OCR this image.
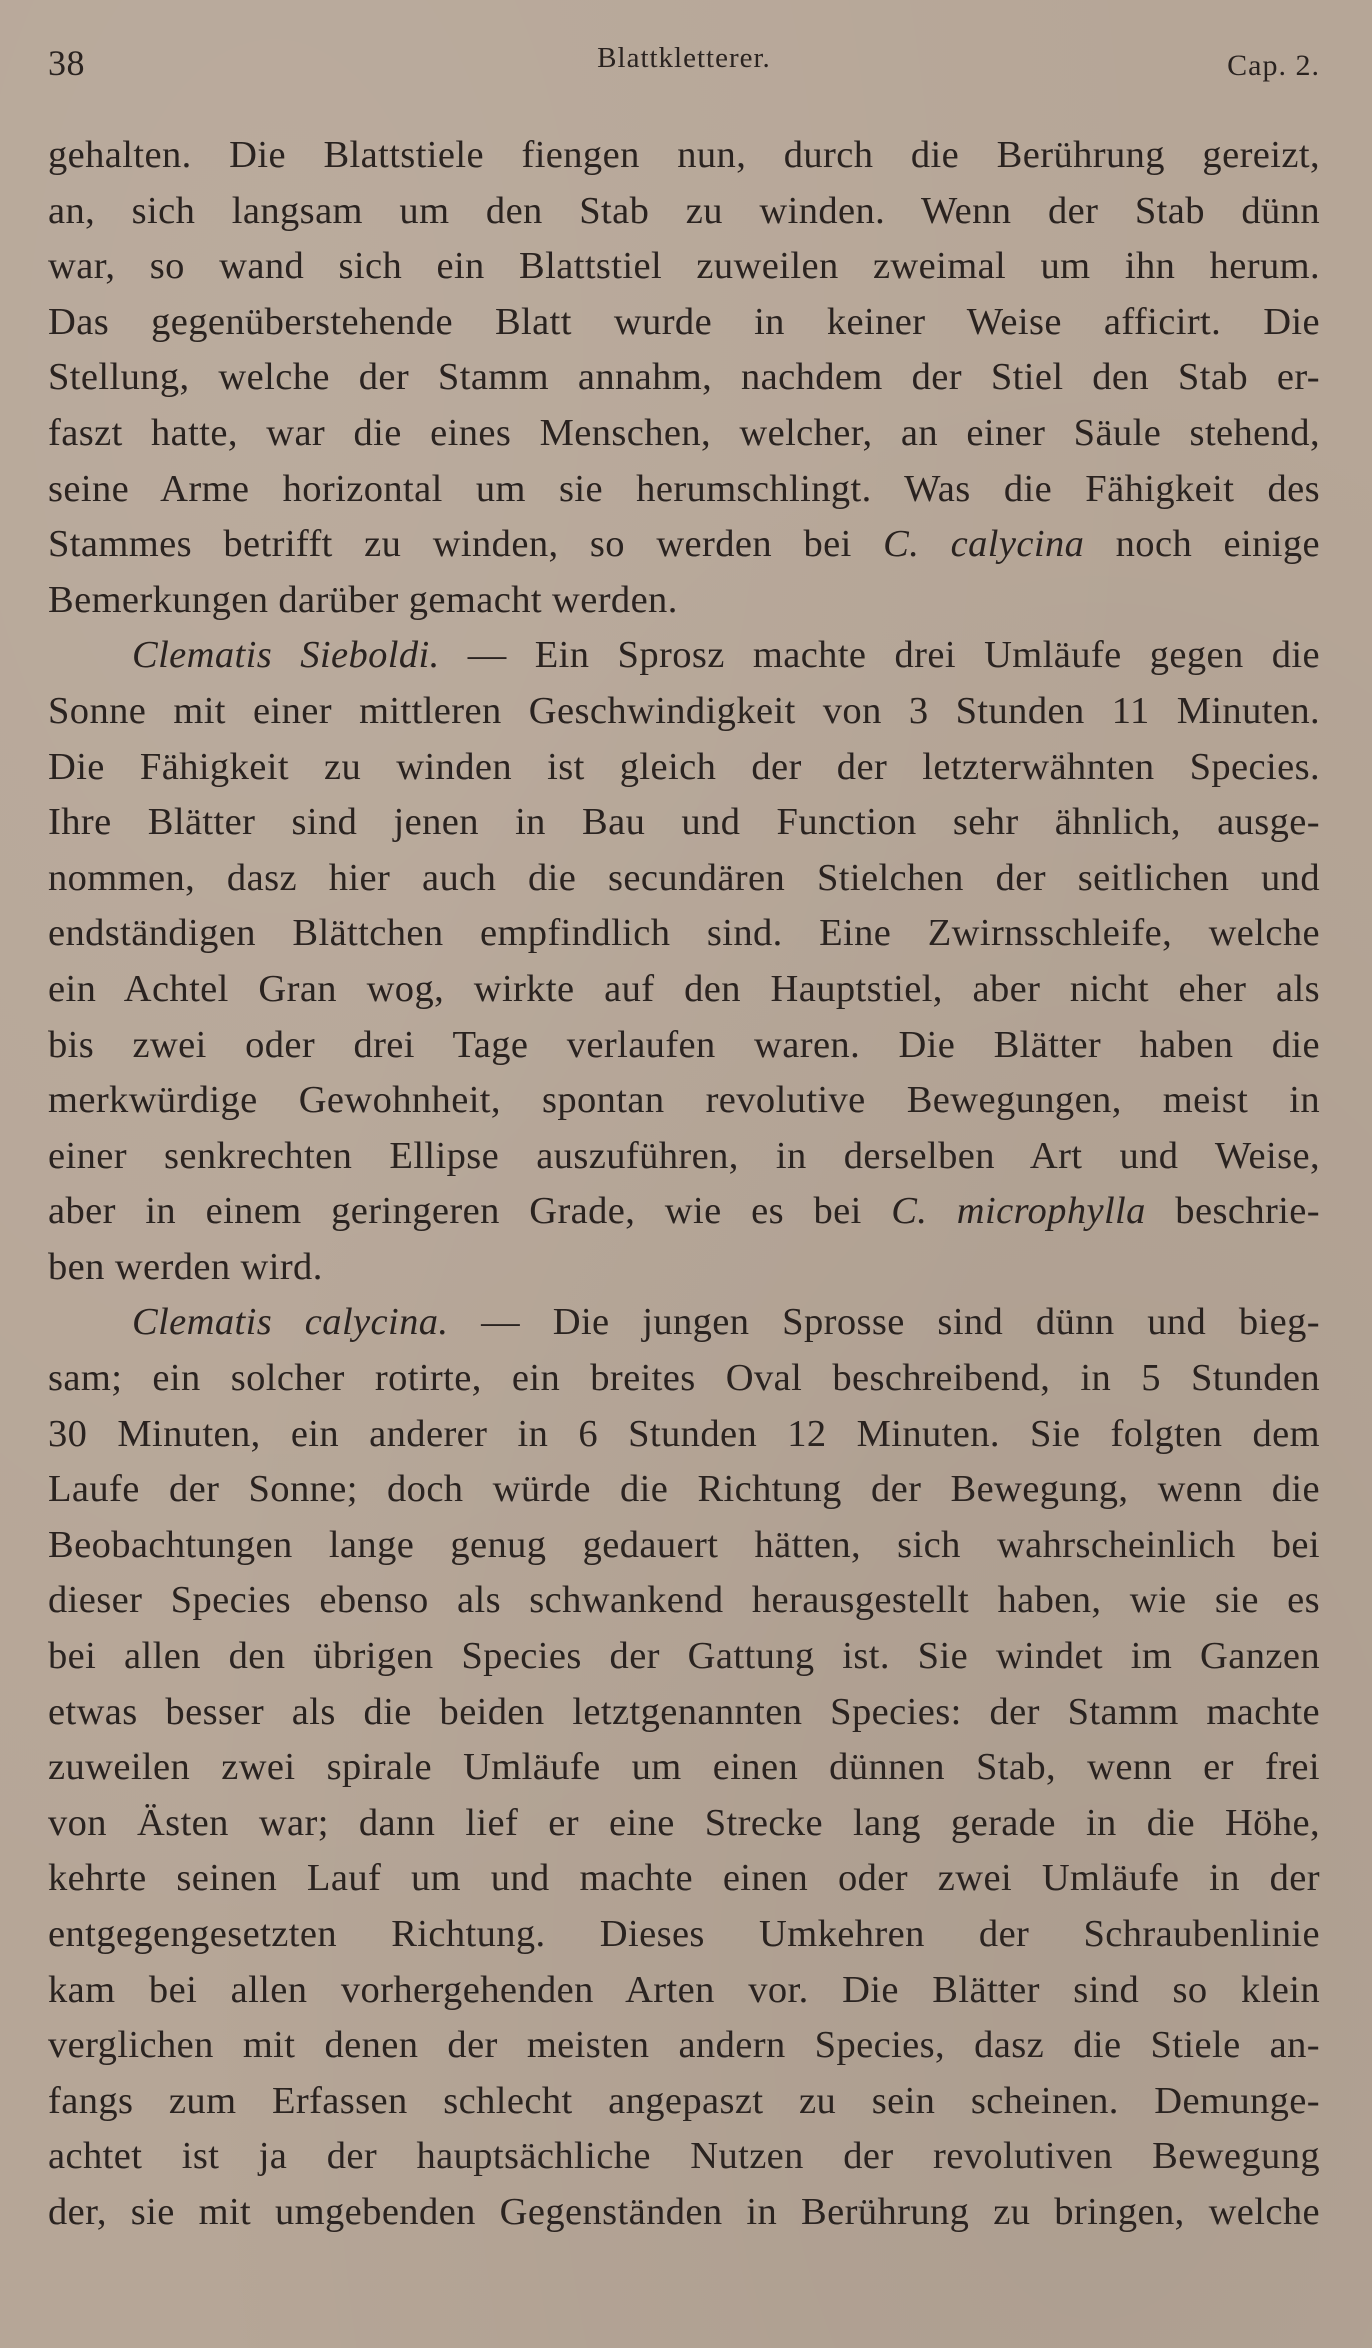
38	Blattkletterer.	Cap. 2.
gehalten. Die Blattstiele fiengen nun, durch die Berührung gereizt,
an, sich langsam um den Stab zu winden. Wenn der Stab dünn
war, so wand sich ein Blattstiel zuweilen zweimal um ihn herum.
Das gegenüberstehende Blatt wurde in keiner Weise afficirt. Die
Stellung, welche der Stamm annahm, nachdem der Stiel den Stab er-
faszt hatte, war die eines Menschen, welcher, an einer Säule stehend,
seine Arme horizontal um sie herumschlingt. Was die Fähigkeit des
Stammes betrifft zu winden, so werden bei C. calycina noch einige
Bemerkungen darüber gemacht werden.
Clematis Sieboldi. — Ein Sprosz machte drei Umläufe gegen die
Sonne mit einer mittleren Geschwindigkeit von 3 Stunden 11 Minuten.
Die Fähigkeit zu winden ist gleich der der letzterwähnten Species.
Ihre Blätter sind jenen in Bau und Function sehr ähnlich, ausge-
nommen, dasz hier auch die secundären Stielchen der seitlichen und
endständigen Blättchen empfindlich sind. Eine Zwirnsschleife, welche
ein Achtel Gran wog, wirkte auf den Hauptstiel, aber nicht eher als
bis zwei oder drei Tage verlaufen waren. Die Blätter haben die
merkwürdige Gewohnheit, spontan revolutive Bewegungen, meist in
einer senkrechten Ellipse auszuführen, in derselben Art und Weise,
aber in einem geringeren Grade, wie es bei C. microphylla beschrie-
ben werden wird.
Clematis calycina. — Die jungen Sprosse sind dünn und bieg-
sam; ein solcher rotirte, ein breites Oval beschreibend, in 5 Stunden
30 Minuten, ein anderer in 6 Stunden 12 Minuten. Sie folgten dem
Laufe der Sonne; doch würde die Richtung der Bewegung, wenn die
Beobachtungen lange genug gedauert hätten, sich wahrscheinlich bei
dieser Species ebenso als schwankend herausgestellt haben, wie sie es
bei allen den übrigen Species der Gattung ist. Sie windet im Ganzen
etwas besser als die beiden letztgenannten Species: der Stamm machte
zuweilen zwei spirale Umläufe um einen dünnen Stab, wenn er frei
von Ästen war; dann lief er eine Strecke lang gerade in die Höhe,
kehrte seinen Lauf um und machte einen oder zwei Umläufe in der
entgegengesetzten Richtung. Dieses Umkehren der Schraubenlinie
kam bei allen vorhergehenden Arten vor. Die Blätter sind so klein
verglichen mit denen der meisten andern Species, dasz die Stiele an-
fangs zum Erfassen schlecht angepaszt zu sein scheinen. Demunge-
achtet ist ja der hauptsächliche Nutzen der revolutiven Bewegung
der, sie mit umgebenden Gegenständen in Berührung zu bringen, welche
